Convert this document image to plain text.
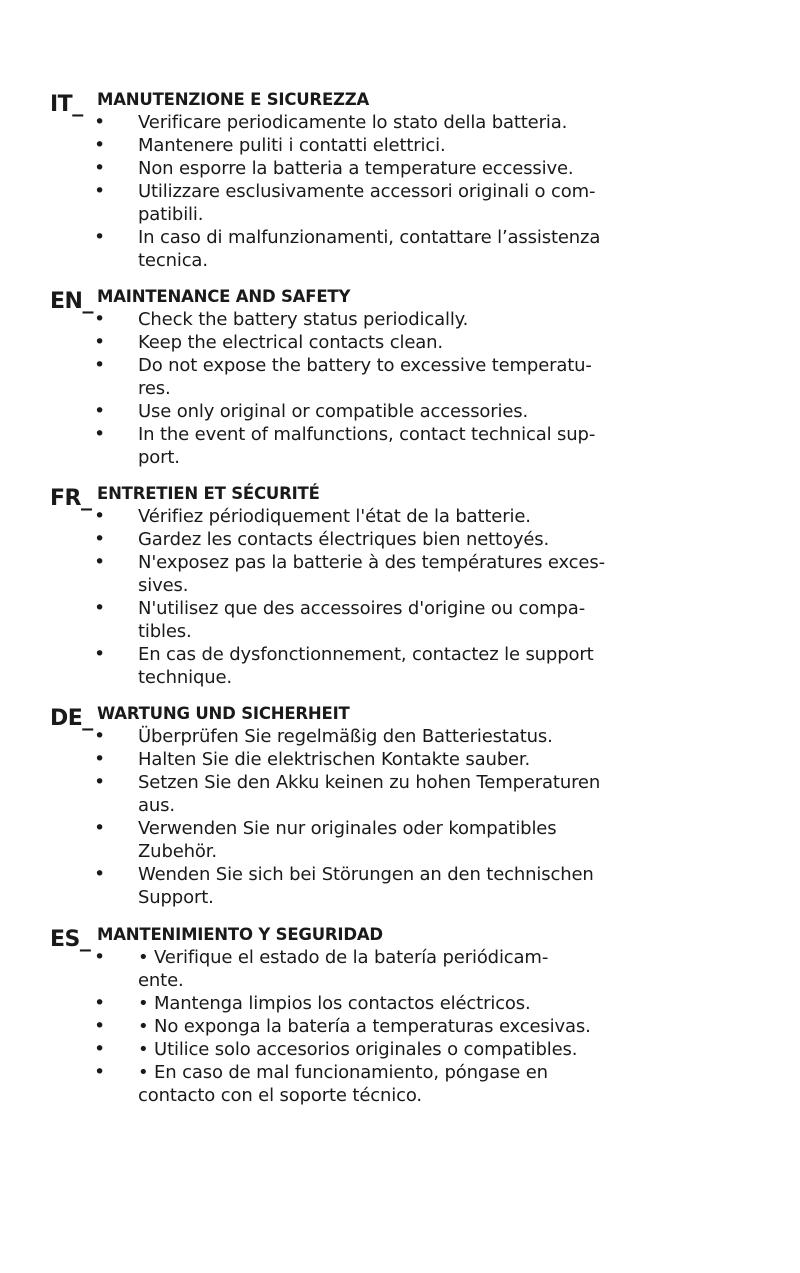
IT_ MANUTENZIONE E SICUREZZA
• Verificare periodicamente lo stato della batteria.
• Mantenere puliti i contatti elettrici.
• Non esporre la batteria a temperature eccessive.
• Utilizzare esclusivamente accessori originali o com-
patibili.
• In caso di malfunzionamenti, contattare l’assistenza
tecnica.
EN_ MAINTENANCE AND SAFETY
• Check the battery status periodically.
• Keep the electrical contacts clean.
• Do not expose the battery to excessive temperatu-
res.
• Use only original or compatible accessories.
• In the event of malfunctions, contact technical sup-
port.
FR_ ENTRETIEN ET SÉCURITÉ
• Vérifiez périodiquement l'état de la batterie.
• Gardez les contacts électriques bien nettoyés.
• N'exposez pas la batterie à des températures exces-
sives.
• N'utilisez que des accessoires d'origine ou compa-
tibles.
• En cas de dysfonctionnement, contactez le support
technique.
DE_ WARTUNG UND SICHERHEIT
• Überprüfen Sie regelmäßig den Batteriestatus.
• Halten Sie die elektrischen Kontakte sauber.
• Setzen Sie den Akku keinen zu hohen Temperaturen
aus.
• Verwenden Sie nur originales oder kompatibles
Zubehör.
• Wenden Sie sich bei Störungen an den technischen
Support.
ES_ MANTENIMIENTO Y SEGURIDAD
• • Verifique el estado de la batería periódicam-
ente.
• • Mantenga limpios los contactos eléctricos.
• • No exponga la batería a temperaturas excesivas.
• • Utilice solo accesorios originales o compatibles.
• • En caso de mal funcionamiento, póngase en
contacto con el soporte técnico.
